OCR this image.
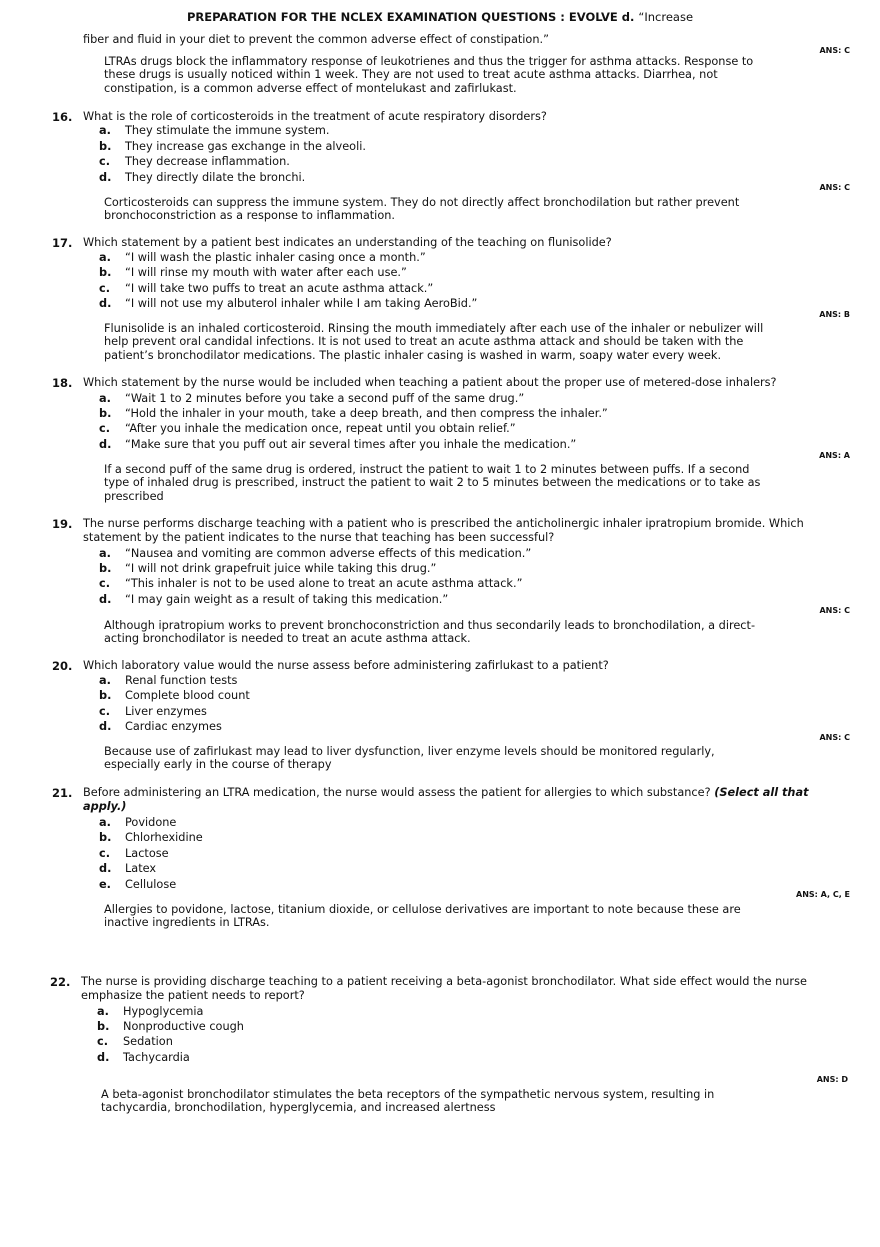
PREPARATION FOR THE NCLEX EXAMINATION QUESTIONS : EVOLVE d. “Increase
fiber and fluid in your diet to prevent the common adverse effect of constipation.”
ANS: C
LTRAs drugs block the inflammatory response of leukotrienes and thus the trigger for asthma attacks. Response to
these drugs is usually noticed within 1 week. They are not used to treat acute asthma attacks. Diarrhea, not
constipation, is a common adverse effect of montelukast and zafirlukast.
16. What is the role of corticosteroids in the treatment of acute respiratory disorders?
a. They stimulate the immune system.
b. They increase gas exchange in the alveoli.
c. They decrease inflammation.
d. They directly dilate the bronchi.
ANS: C
Corticosteroids can suppress the immune system. They do not directly affect bronchodilation but rather prevent
bronchoconstriction as a response to inflammation.
17. Which statement by a patient best indicates an understanding of the teaching on flunisolide?
a. “I will wash the plastic inhaler casing once a month.”
b. “I will rinse my mouth with water after each use.”
c. “I will take two puffs to treat an acute asthma attack.”
d. “I will not use my albuterol inhaler while I am taking AeroBid.”
ANS: B
Flunisolide is an inhaled corticosteroid. Rinsing the mouth immediately after each use of the inhaler or nebulizer will
help prevent oral candidal infections. It is not used to treat an acute asthma attack and should be taken with the
patient’s bronchodilator medications. The plastic inhaler casing is washed in warm, soapy water every week.
18. Which statement by the nurse would be included when teaching a patient about the proper use of metered-dose inhalers?
a. “Wait 1 to 2 minutes before you take a second puff of the same drug.”
b. “Hold the inhaler in your mouth, take a deep breath, and then compress the inhaler.”
c. “After you inhale the medication once, repeat until you obtain relief.”
d. “Make sure that you puff out air several times after you inhale the medication.”
ANS: A
If a second puff of the same drug is ordered, instruct the patient to wait 1 to 2 minutes between puffs. If a second
type of inhaled drug is prescribed, instruct the patient to wait 2 to 5 minutes between the medications or to take as
prescribed
19. The nurse performs discharge teaching with a patient who is prescribed the anticholinergic inhaler ipratropium bromide. Which
statement by the patient indicates to the nurse that teaching has been successful?
a. “Nausea and vomiting are common adverse effects of this medication.”
b. “I will not drink grapefruit juice while taking this drug.”
c. “This inhaler is not to be used alone to treat an acute asthma attack.”
d. “I may gain weight as a result of taking this medication.”
ANS: C
Although ipratropium works to prevent bronchoconstriction and thus secondarily leads to bronchodilation, a direct-
acting bronchodilator is needed to treat an acute asthma attack.
20. Which laboratory value would the nurse assess before administering zafirlukast to a patient?
a. Renal function tests
b. Complete blood count
c. Liver enzymes
d. Cardiac enzymes
ANS: C
Because use of zafirlukast may lead to liver dysfunction, liver enzyme levels should be monitored regularly,
especially early in the course of therapy
21. Before administering an LTRA medication, the nurse would assess the patient for allergies to which substance? (Select all that
apply.)
a. Povidone
b. Chlorhexidine
c. Lactose
d. Latex
e. Cellulose
ANS: A, C, E
Allergies to povidone, lactose, titanium dioxide, or cellulose derivatives are important to note because these are
inactive ingredients in LTRAs.
22. The nurse is providing discharge teaching to a patient receiving a beta-agonist bronchodilator. What side effect would the nurse
emphasize the patient needs to report?
a. Hypoglycemia
b. Nonproductive cough
c. Sedation
d. Tachycardia
ANS: D
A beta-agonist bronchodilator stimulates the beta receptors of the sympathetic nervous system, resulting in
tachycardia, bronchodilation, hyperglycemia, and increased alertness
